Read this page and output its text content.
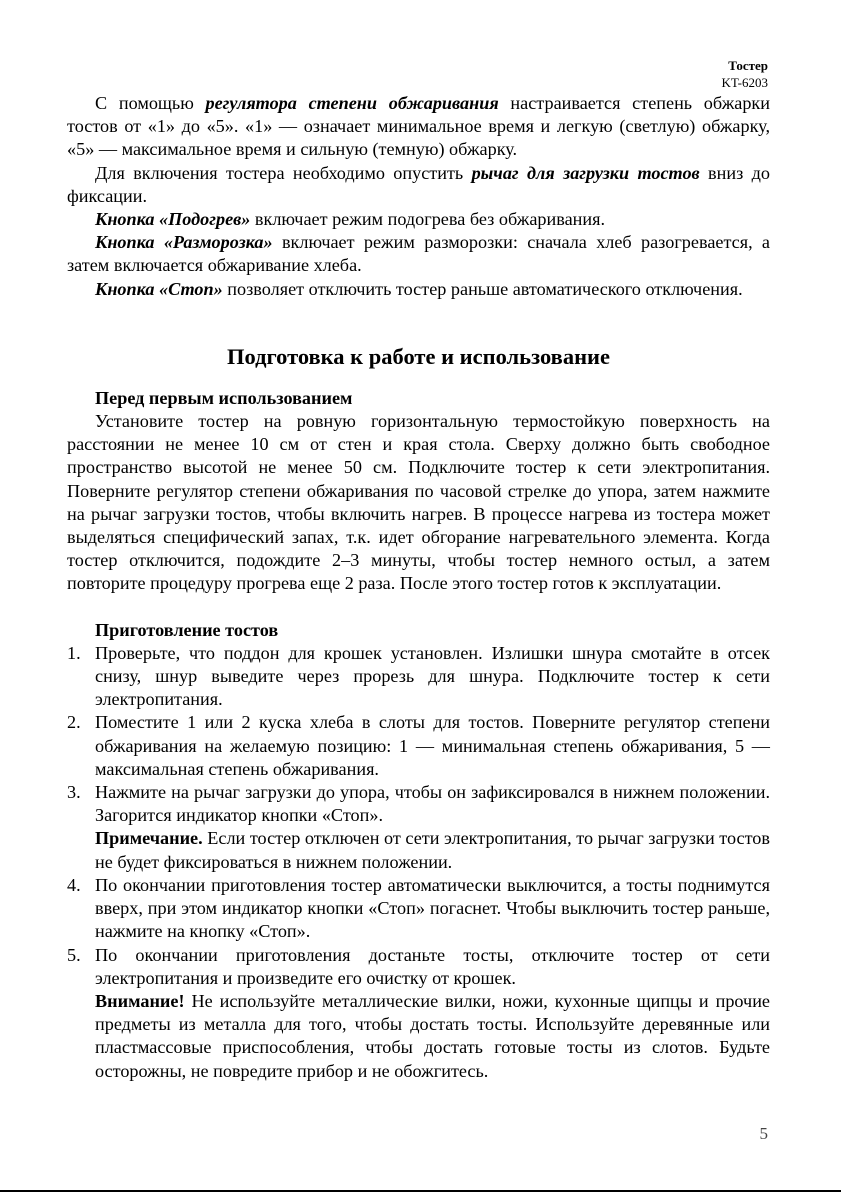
Тостер
KT-6203

С помощью регулятора степени обжаривания настраивается степень обжарки тостов от «1» до «5». «1» — означает минимальное время и легкую (светлую) обжарку, «5» — максимальное время и сильную (темную) обжарку.

Для включения тостера необходимо опустить рычаг для загрузки тостов вниз до фиксации.

Кнопка «Подогрев» включает режим подогрева без обжаривания.

Кнопка «Разморозка» включает режим разморозки: сначала хлеб разогревается, а затем включается обжаривание хлеба.

Кнопка «Стоп» позволяет отключить тостер раньше автоматического отключения.

Подготовка к работе и использование
Перед первым использованием

Установите тостер на ровную горизонтальную термостойкую поверхность на расстоянии не менее 10 см от стен и края стола. Сверху должно быть свободное пространство высотой не менее 50 см. Подключите тостер к сети электропитания. Поверните регулятор степени обжаривания по часовой стрелке до упора, затем нажмите на рычаг загрузки тостов, чтобы включить нагрев. В процессе нагрева из тостера может выделяться специфический запах, т.к. идет обгорание нагревательного элемента. Когда тостер отключится, подождите 2–3 минуты, чтобы тостер немного остыл, а затем повторите процедуру прогрева еще 2 раза. После этого тостер готов к эксплуатации.

Приготовление тостов
1. Проверьте, что поддон для крошек установлен. Излишки шнура смотайте в отсек снизу, шнур выведите через прорезь для шнура. Подключите тостер к сети электропитания.
2. Поместите 1 или 2 куска хлеба в слоты для тостов. Поверните регулятор степени обжаривания на желаемую позицию: 1 — минимальная степень обжаривания, 5 — максимальная степень обжаривания.
3. Нажмите на рычаг загрузки до упора, чтобы он зафиксировался в нижнем положении. Загорится индикатор кнопки «Стоп».
Примечание. Если тостер отключен от сети электропитания, то рычаг загрузки тостов не будет фиксироваться в нижнем положении.
4. По окончании приготовления тостер автоматически выключится, а тосты поднимутся вверх, при этом индикатор кнопки «Стоп» погаснет. Чтобы выключить тостер раньше, нажмите на кнопку «Стоп».
5. По окончании приготовления достаньте тосты, отключите тостер от сети электропитания и произведите его очистку от крошек.
Внимание! Не используйте металлические вилки, ножи, кухонные щипцы и прочие предметы из металла для того, чтобы достать тосты. Используйте деревянные или пластмассовые приспособления, чтобы достать готовые тосты из слотов. Будьте осторожны, не повредите прибор и не обожгитесь.
5
